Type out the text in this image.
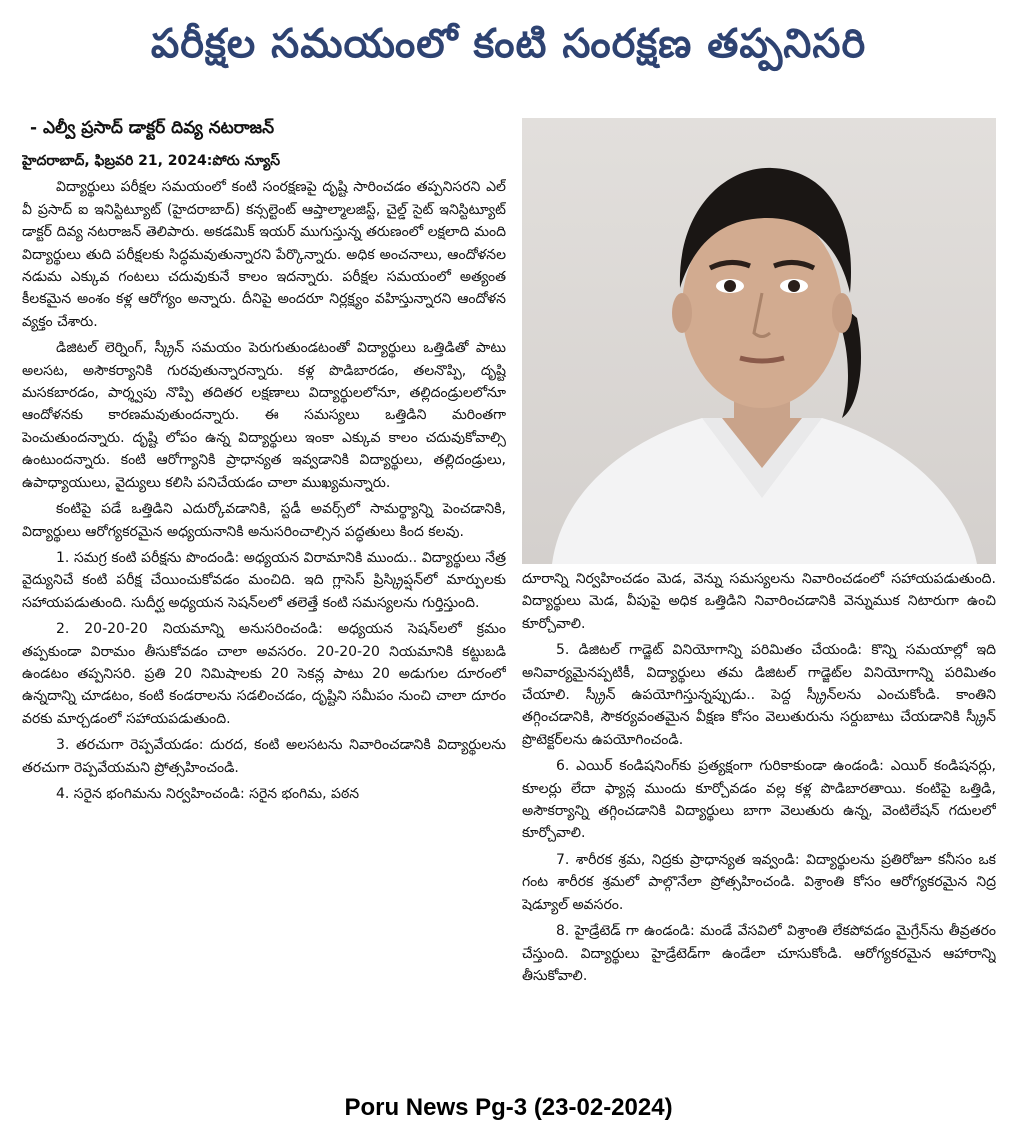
పరీక్షల సమయంలో కంటి సంరక్షణ తప్పనిసరి
- ఎల్వీ ప్రసాద్ డాక్టర్ దివ్య నటరాజన్

హైదరాబాద్, ఫిబ్రవరి 21, 2024:పోరు న్యూస్

విద్యార్థులు పరీక్షల సమయంలో కంటి సంరక్షణపై దృష్టి సారించడం తప్పనిసరని ఎల్ వీ ప్రసాద్ ఐ ఇనిస్టిట్యూట్ (హైదరాబాద్) కన్సల్టెంట్ ఆప్తాల్మాలజిస్ట్, చైల్డ్ సైట్ ఇనిస్టిట్యూట్ డాక్టర్ దివ్య నటరాజన్ తెలిపారు. అకడమిక్ ఇయర్ ముగుస్తున్న తరుణంలో లక్షలాది మంది విద్యార్థులు తుది పరీక్షలకు సిద్ధమవుతున్నారని పేర్కొన్నారు. అధిక అంచనాలు, ఆందోళనల నడుమ ఎక్కువ గంటలు చదువుకునే కాలం ఇదన్నారు. పరీక్షల సమయంలో అత్యంత కీలకమైన అంశం కళ్ల ఆరోగ్యం అన్నారు. దీనిపై అందరూ నిర్లక్ష్యం వహిస్తున్నారని ఆందోళన వ్యక్తం చేశారు.

డిజిటల్ లెర్నింగ్, స్క్రీన్ సమయం పెరుగుతుండటంతో విద్యార్థులు ఒత్తిడితో పాటు అలసట, అసౌకర్యానికి గురవుతున్నారన్నారు. కళ్ల పొడిబారడం, తలనొప్పి, దృష్టి మసకబారడం, పార్శ్వపు నొప్పి తదితర లక్షణాలు విద్యార్థులలోనూ, తల్లిదండ్రులలోనూ ఆందోళనకు కారణమవుతుందన్నారు. ఈ సమస్యలు ఒత్తిడిని మరింతగా పెంచుతుందన్నారు. దృష్టి లోపం ఉన్న విద్యార్థులు ఇంకా ఎక్కువ కాలం చదువుకోవాల్సి ఉంటుందన్నారు. కంటి ఆరోగ్యానికి ప్రాధాన్యత ఇవ్వడానికి విద్యార్థులు, తల్లిదండ్రులు, ఉపాధ్యాయులు, వైద్యులు కలిసి పనిచేయడం చాలా ముఖ్యమన్నారు.

కంటిపై పడే ఒత్తిడిని ఎదుర్కోవడానికి, స్టడీ అవర్స్‌లో సామర్థ్యాన్ని పెంచడానికి, విద్యార్థులు ఆరోగ్యకరమైన అధ్యయనానికి అనుసరించాల్సిన పద్ధతులు కింద కలవు.

1. సమగ్ర కంటి పరీక్షను పొందండి: అధ్యయన విరామానికి ముందు.. విద్యార్థులు నేత్ర వైద్యునిచే కంటి పరీక్ష చేయించుకోవడం మంచిది. ఇది గ్లాసెస్ ప్రిస్క్రిప్షన్‌లో మార్పులకు సహాయపడుతుంది. సుదీర్ఘ అధ్యయన సెషన్‌లలో తలెత్తే కంటి సమస్యలను గుర్తిస్తుంది.

2. 20-20-20 నియమాన్ని అనుసరించండి: అధ్యయన సెషన్‌లలో క్రమం తప్పకుండా విరామం తీసుకోవడం చాలా అవసరం. 20-20-20 నియమానికి కట్టుబడి ఉండటం తప్పనిసరి. ప్రతి 20 నిమిషాలకు 20 సెకన్ల పాటు 20 అడుగుల దూరంలో ఉన్నదాన్ని చూడటం, కంటి కండరాలను సడలించడం, దృష్టిని సమీపం నుంచి చాలా దూరం వరకు మార్చడంలో సహాయపడుతుంది.

3. తరచుగా రెప్పవేయడం: దురద, కంటి అలసటను నివారించడానికి విద్యార్థులను తరచుగా రెప్పవేయమని ప్రోత్సహించండి.

4. సరైన భంగిమను నిర్వహించండి: సరైన భంగిమ, పఠన

దూరాన్ని నిర్వహించడం మెడ, వెన్ను సమస్యలను నివారించడంలో సహాయపడుతుంది. విద్యార్థులు మెడ, వీపుపై అధిక ఒత్తిడిని నివారించడానికి వెన్నుముక నిటారుగా ఉంచి కూర్చోవాలి.

5. డిజిటల్ గాడ్జెట్ వినియోగాన్ని పరిమితం చేయండి: కొన్ని సమయాల్లో ఇది అనివార్యమైనప్పటికీ, విద్యార్థులు తమ డిజిటల్ గాడ్జెట్‌ల వినియోగాన్ని పరిమితం చేయాలి. స్క్రీన్ ఉపయోగిస్తున్నప్పుడు.. పెద్ద స్క్రీన్‌లను ఎంచుకోండి. కాంతిని తగ్గించడానికి, సౌకర్యవంతమైన వీక్షణ కోసం వెలుతురును సర్దుబాటు చేయడానికి స్క్రీన్ ప్రొటెక్టర్‌లను ఉపయోగించండి.

6. ఎయిర్ కండిషనింగ్‌కు ప్రత్యక్షంగా గురికాకుండా ఉండండి: ఎయిర్ కండిషనర్లు, కూలర్లు లేదా ఫ్యాన్ల ముందు కూర్చోవడం వల్ల కళ్ల పొడిబారతాయి. కంటిపై ఒత్తిడి, అసౌకర్యాన్ని తగ్గించడానికి విద్యార్థులు బాగా వెలుతురు ఉన్న, వెంటిలేషన్ గదులలో కూర్చోవాలి.

7. శారీరక శ్రమ, నిద్రకు ప్రాధాన్యత ఇవ్వండి: విద్యార్థులను ప్రతిరోజూ కనీసం ఒక గంట శారీరక శ్రమలో పాల్గొనేలా ప్రోత్సహించండి. విశ్రాంతి కోసం ఆరోగ్యకరమైన నిద్ర షెడ్యూల్ అవసరం.

8. హైడ్రేటెడ్ గా ఉండండి: మండే వేసవిలో విశ్రాంతి లేకపోవడం మైగ్రేన్‌ను తీవ్రతరం చేస్తుంది. విద్యార్థులు హైడ్రేటెడ్‌గా ఉండేలా చూసుకోండి. ఆరోగ్యకరమైన ఆహారాన్ని తీసుకోవాలి.

Poru News Pg-3 (23-02-2024)
